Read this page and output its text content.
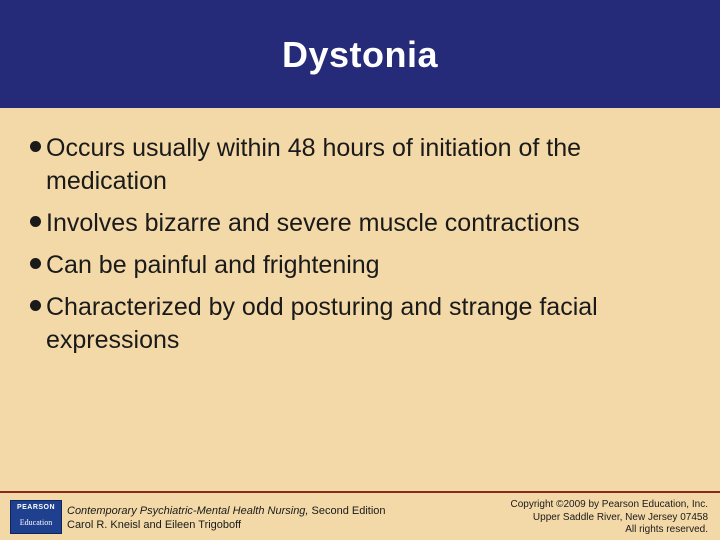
Dystonia
Occurs usually within 48 hours of initiation of the medication
Involves bizarre and severe muscle contractions
Can be painful and frightening
Characterized by odd posturing and strange facial expressions
PEARSON
Education
Contemporary Psychiatric-Mental Health Nursing, Second Edition
Carol R. Kneisl and Eileen Trigoboff
Copyright ©2009 by Pearson Education, Inc.
Upper Saddle River, New Jersey 07458
All rights reserved.
